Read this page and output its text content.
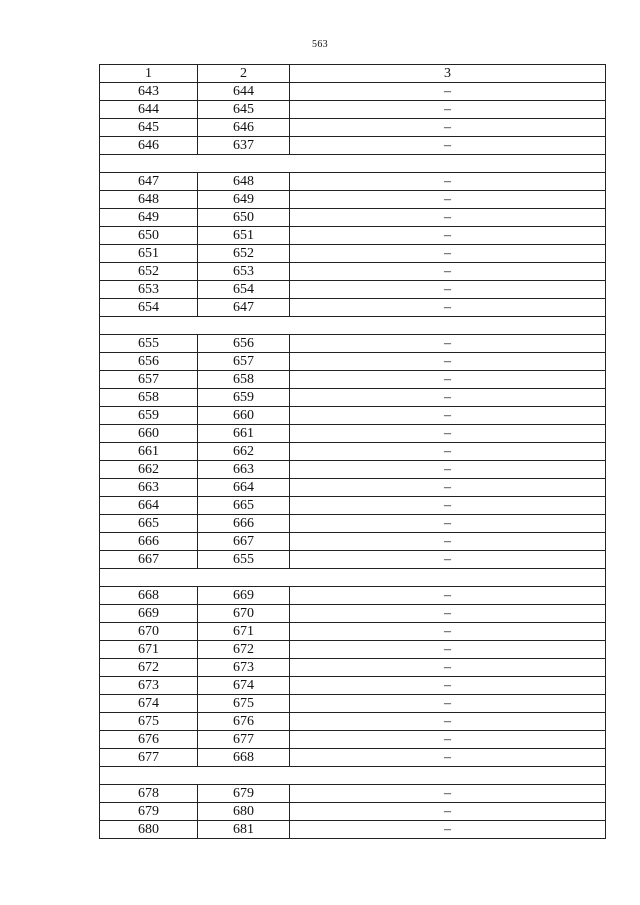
563
1	2	3
643	644	–
644	645	–
645	646	–
646	637	–

647	648	–
648	649	–
649	650	–
650	651	–
651	652	–
652	653	–
653	654	–
654	647	–

655	656	–
656	657	–
657	658	–
658	659	–
659	660	–
660	661	–
661	662	–
662	663	–
663	664	–
664	665	–
665	666	–
666	667	–
667	655	–

668	669	–
669	670	–
670	671	–
671	672	–
672	673	–
673	674	–
674	675	–
675	676	–
676	677	–
677	668	–

678	679	–
679	680	–
680	681	–
